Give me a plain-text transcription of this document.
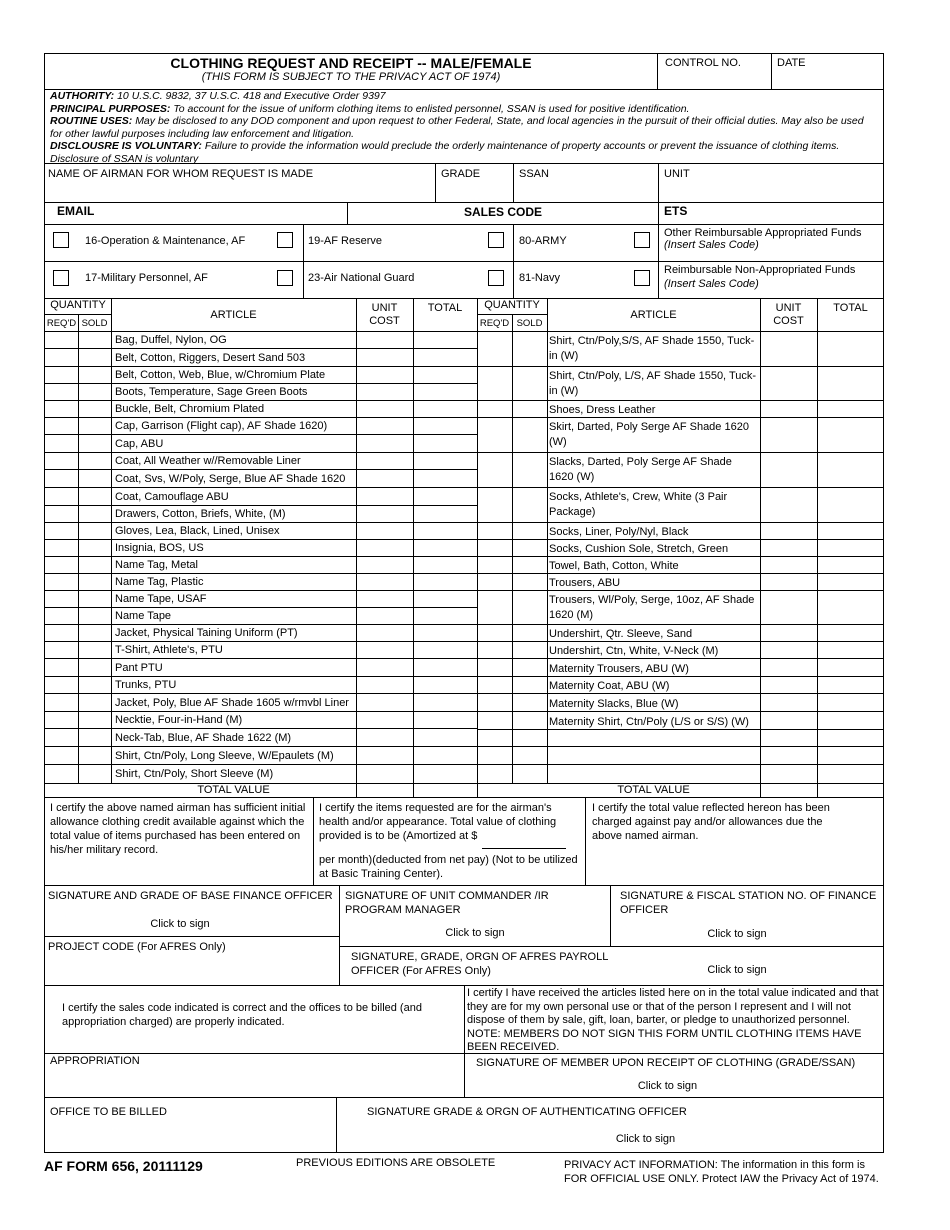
CLOTHING REQUEST AND RECEIPT -- MALE/FEMALE
(THIS FORM IS SUBJECT TO THE PRIVACY ACT OF 1974)
CONTROL NO.	DATE
AUTHORITY: 10 U.S.C. 9832, 37 U.S.C. 418 and Executive Order 9397
PRINCIPAL PURPOSES: To account for the issue of uniform clothing items to enlisted personnel, SSAN is used for positive identification.
ROUTINE USES: May be disclosed to any DOD component and upon request to other Federal, State, and local agencies in the pursuit of their official duties. May also be used for other lawful purposes including law enforcement and litigation.
DISCLOUSRE IS VOLUNTARY: Failure to provide the information would preclude the orderly maintenance of property accounts or prevent the issuance of clothing items. Disclosure of SSAN is voluntary
NAME OF AIRMAN FOR WHOM REQUEST IS MADE	GRADE	SSAN	UNIT
EMAIL	SALES CODE	ETS
16-Operation & Maintenance, AF	19-AF Reserve	80-ARMY
Other Reimbursable Appropriated Funds
(Insert Sales Code)
17-Military Personnel, AF	23-Air National Guard	81-Navy
Reimbursable Non-Appropriated Funds
(Insert Sales Code)
QUANTITY
REQ'D SOLD
ARTICLE
UNIT
COST
TOTAL	QUANTITY
REQ'D SOLD
ARTICLE
UNIT
COST
TOTAL
Bag, Duffel, Nylon, OG
Belt, Cotton, Riggers, Desert Sand 503
Belt, Cotton, Web, Blue, w/Chromium Plate
Boots, Temperature, Sage Green Boots
Buckle, Belt, Chromium Plated
Cap, Garrison (Flight cap), AF Shade 1620)
Cap, ABU
Coat, All Weather w//Removable Liner
Coat, Svs, W/Poly, Serge, Blue AF Shade 1620
Coat, Camouflage ABU
Drawers, Cotton, Briefs, White, (M)
Gloves, Lea, Black, Lined, Unisex
Insignia, BOS, US
Name Tag, Metal
Name Tag, Plastic
Name Tape, USAF
Name Tape
Jacket, Physical Taining Uniform (PT)
T-Shirt, Athlete's, PTU
Pant PTU
Trunks, PTU
Jacket, Poly, Blue AF Shade 1605 w/rmvbl Liner
Necktie, Four-in-Hand (M)
Neck-Tab, Blue, AF Shade 1622 (M)
Shirt, Ctn/Poly, Long Sleeve, W/Epaulets (M)
Shirt, Ctn/Poly, Short Sleeve (M)
Shirt, Ctn/Poly,S/S, AF Shade 1550, Tuck-in (W)
Shirt, Ctn/Poly, L/S, AF Shade 1550, Tuck-in (W)
Shoes, Dress Leather
Skirt, Darted, Poly Serge AF Shade 1620 (W)
Slacks, Darted, Poly Serge AF Shade 1620 (W)
Socks, Athlete's, Crew, White (3 Pair Package)
Socks, Liner, Poly/Nyl, Black
Socks, Cushion Sole, Stretch, Green
Towel, Bath, Cotton, White
Trousers, ABU
Trousers, Wl/Poly, Serge, 10oz, AF Shade 1620 (M)
Undershirt, Qtr. Sleeve, Sand
Undershirt, Ctn, White, V-Neck (M)
Maternity Trousers, ABU (W)
Maternity Coat, ABU (W)
Maternity Slacks, Blue (W)
Maternity Shirt, Ctn/Poly (L/S or S/S) (W)
TOTAL VALUE	TOTAL VALUE
I certify the above named airman has sufficient initial allowance clothing credit available against which the total value of items purchased has been entered on his/her military record.
I certify the items requested are for the airman's health and/or appearance. Total value of clothing provided is to be (Amortized at $
per month)(deducted from net pay) (Not to be utilized at Basic Training Center).
I certify the total value reflected hereon has been charged against pay and/or allowances due the above named airman.
SIGNATURE AND GRADE OF BASE FINANCE OFFICER
Click to sign
SIGNATURE OF UNIT COMMANDER /IR PROGRAM MANAGER
Click to sign
SIGNATURE & FISCAL STATION NO. OF FINANCE OFFICER
Click to sign
PROJECT CODE (For AFRES Only)
SIGNATURE, GRADE, ORGN OF AFRES PAYROLL OFFICER (For AFRES Only)	Click to sign
I certify the sales code indicated is correct and the offices to be billed (and appropriation charged) are properly indicated.
I certify I have received the articles listed here on in the total value indicated and that they are for my own personal use or that of the person I represent and I will not dispose of them by sale, gift, loan, barter, or pledge to unauthorized personnel. NOTE: MEMBERS DO NOT SIGN THIS FORM UNTIL CLOTHING ITEMS HAVE BEEN RECEIVED.
APPROPRIATION	SIGNATURE OF MEMBER UPON RECEIPT OF CLOTHING (GRADE/SSAN)
Click to sign
OFFICE TO BE BILLED	SIGNATURE GRADE & ORGN OF AUTHENTICATING OFFICER
Click to sign
AF FORM 656, 20111129	PREVIOUS EDITIONS ARE OBSOLETE	PRIVACY ACT INFORMATION: The information in this form is
FOR OFFICIAL USE ONLY. Protect IAW the Privacy Act of 1974.
